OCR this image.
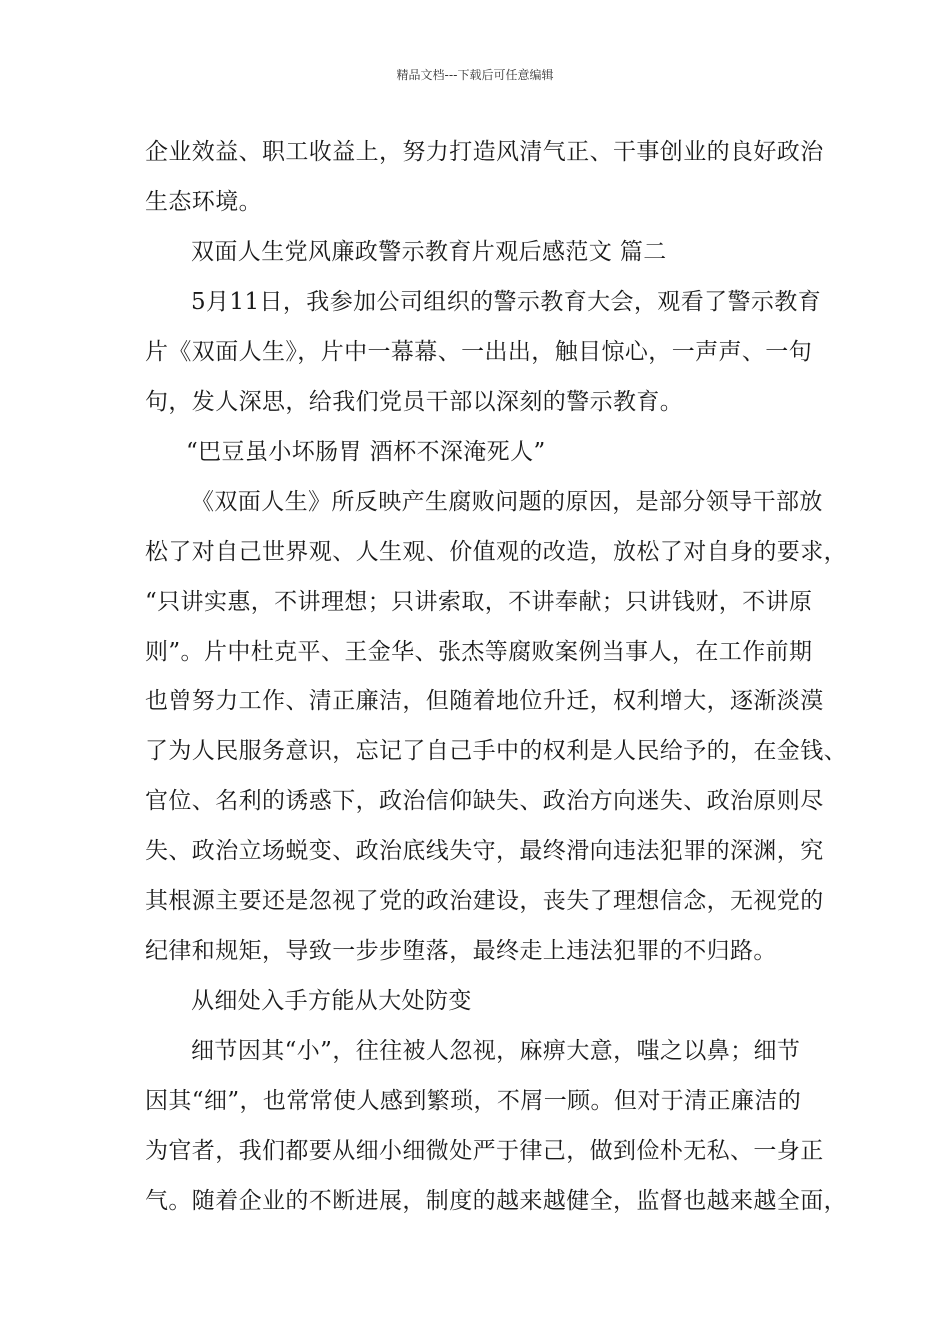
精品文档---下载后可任意编辑
企业效益、职工收益上，努力打造风清气正、干事创业的良好政治
生态环境。
双面人生党风廉政警示教育片观后感范文 篇二
5月11日，我参加公司组织的警示教育大会，观看了警示教育
片《双面人生》，片中一幕幕、一出出，触目惊心，一声声、一句
句，发人深思，给我们党员干部以深刻的警示教育。
“巴豆虽小坏肠胃 酒杯不深淹死人”
《双面人生》所反映产生腐败问题的原因，是部分领导干部放
松了对自己世界观、人生观、价值观的改造，放松了对自身的要求，
“只讲实惠，不讲理想；只讲索取，不讲奉献；只讲钱财，不讲原
则”。片中杜克平、王金华、张杰等腐败案例当事人，在工作前期
也曾努力工作、清正廉洁，但随着地位升迁，权利增大，逐渐淡漠
了为人民服务意识，忘记了自己手中的权利是人民给予的，在金钱、
官位、名利的诱惑下，政治信仰缺失、政治方向迷失、政治原则尽
失、政治立场蜕变、政治底线失守，最终滑向违法犯罪的深渊，究
其根源主要还是忽视了党的政治建设，丧失了理想信念，无视党的
纪律和规矩，导致一步步堕落，最终走上违法犯罪的不归路。
从细处入手方能从大处防变
细节因其“小”，往往被人忽视，麻痹大意，嗤之以鼻；细节
因其“细”，也常常使人感到繁琐，不屑一顾。但对于清正廉洁的
为官者，我们都要从细小细微处严于律己，做到俭朴无私、一身正
气。随着企业的不断进展，制度的越来越健全，监督也越来越全面，
